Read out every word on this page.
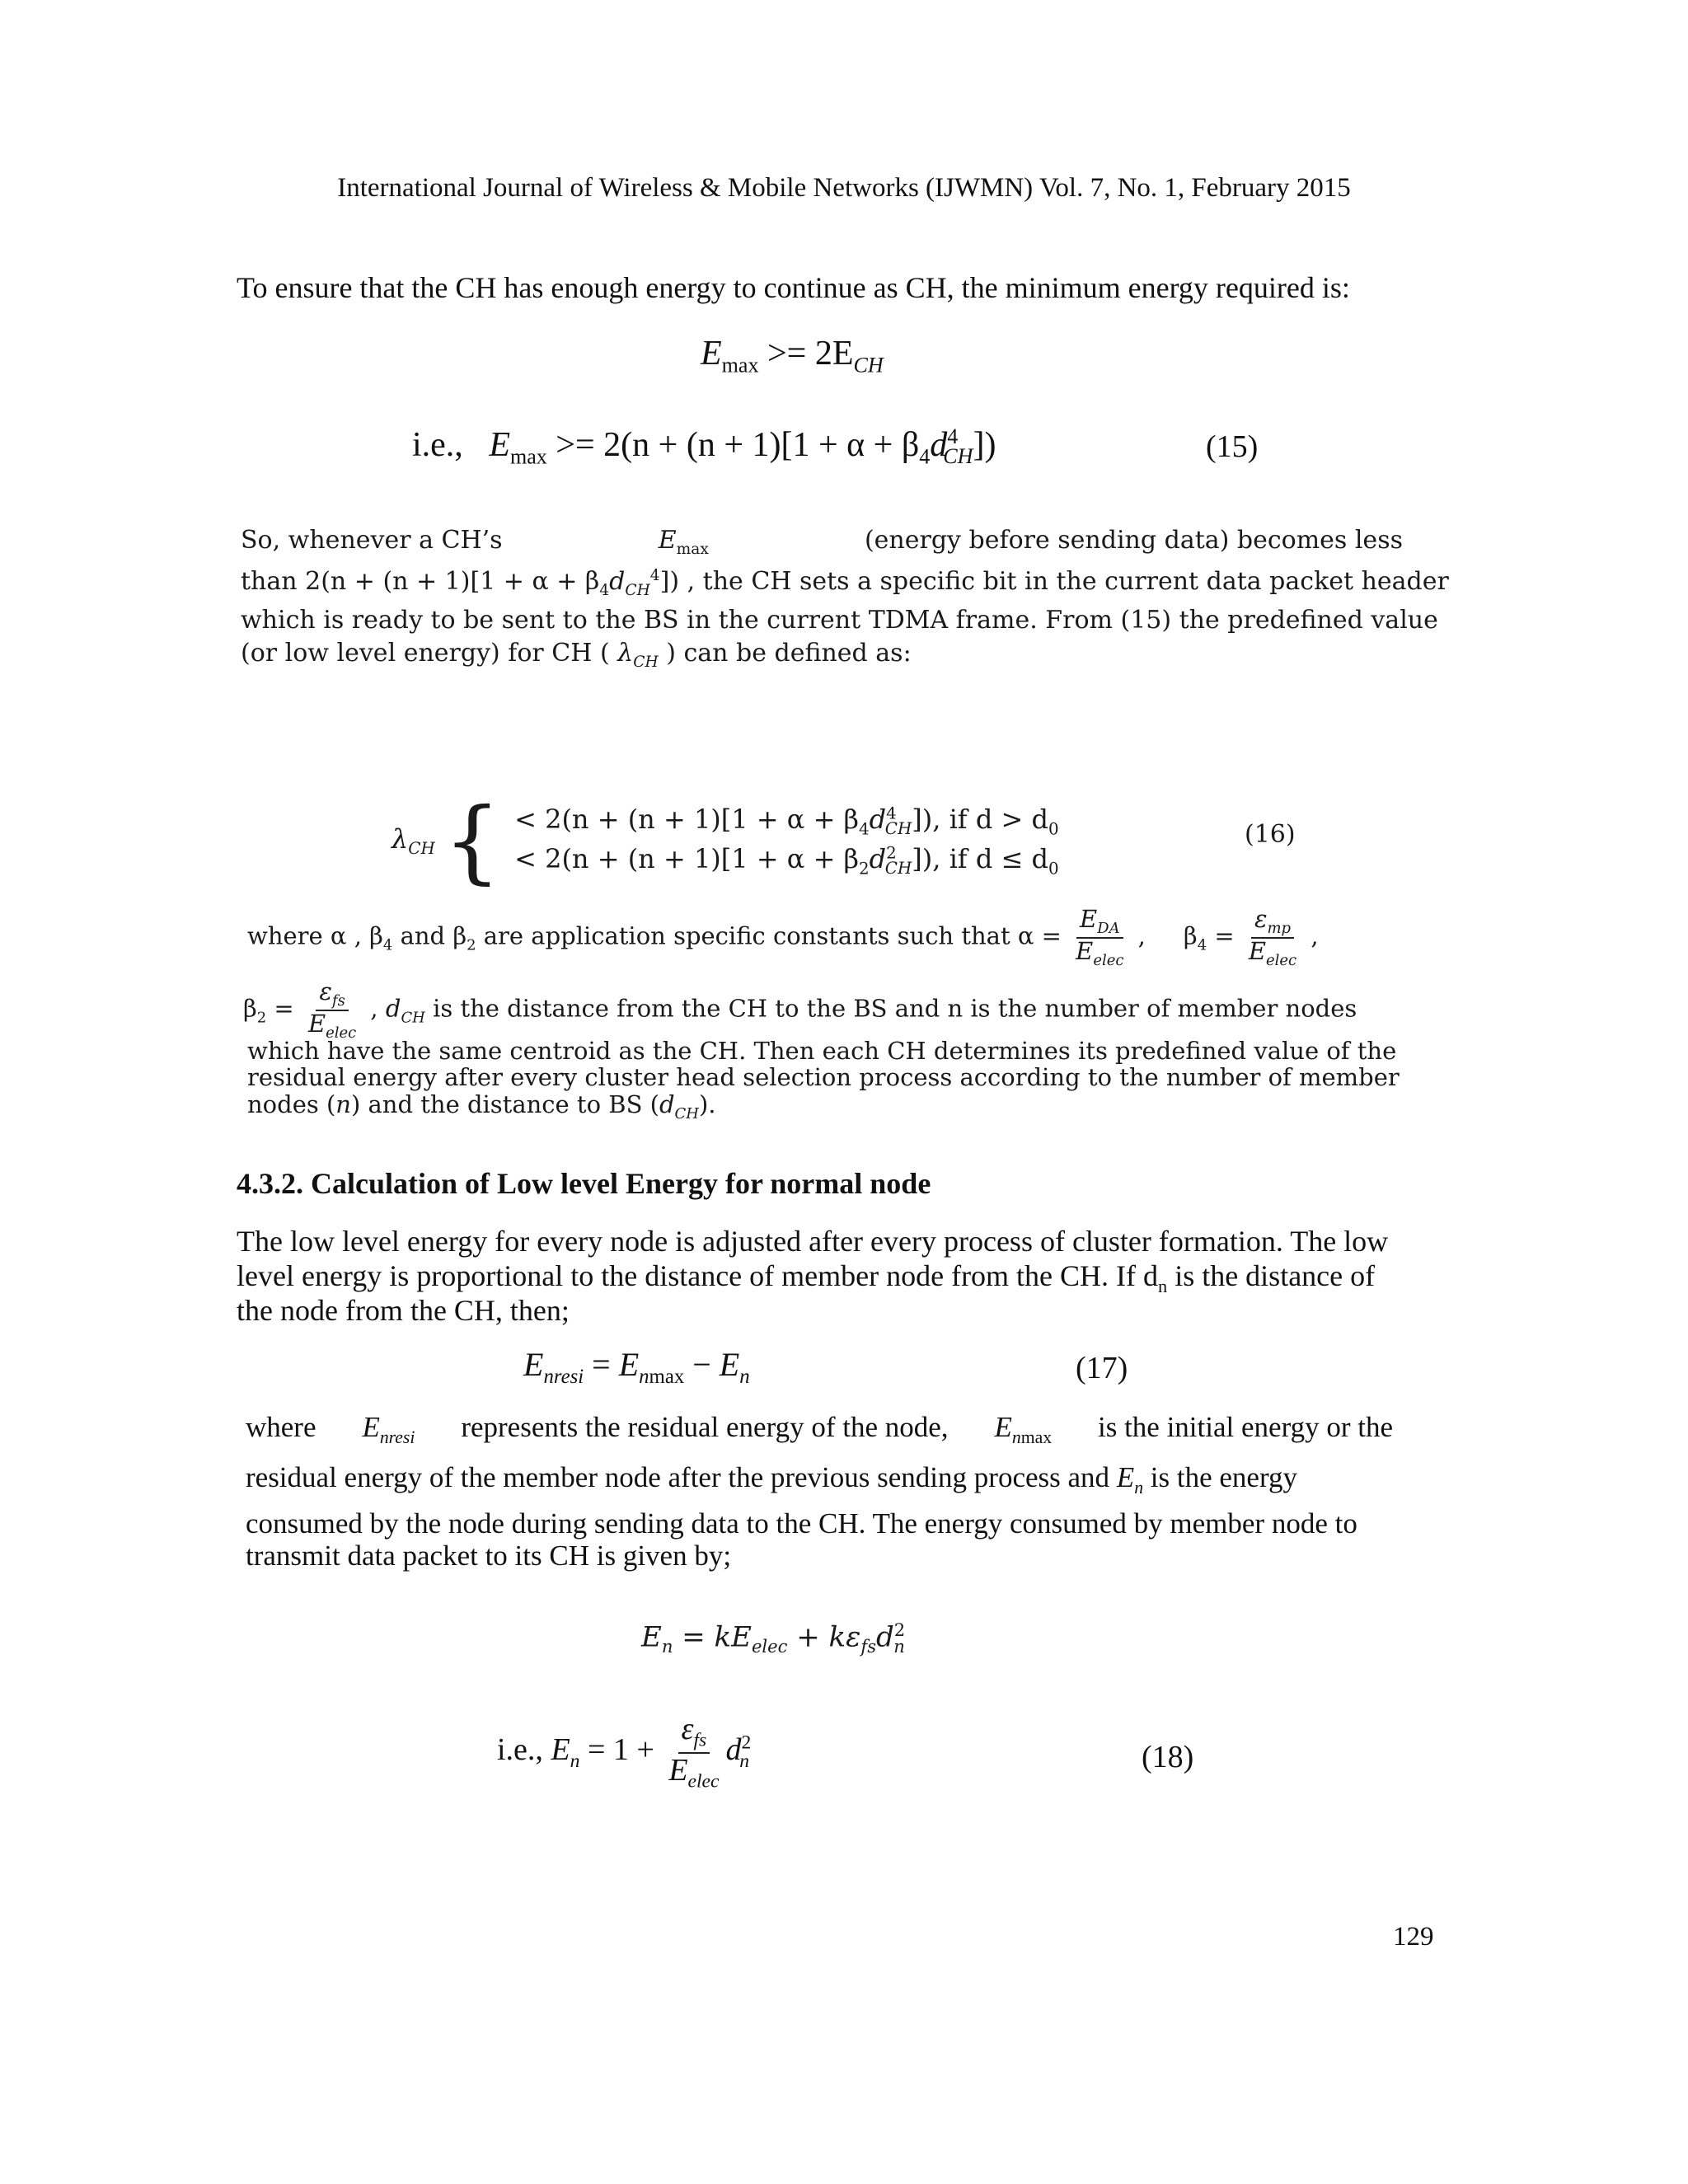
International Journal of Wireless & Mobile Networks (IJWMN) Vol. 7, No. 1, February 2015
To ensure that the CH has enough energy to continue as CH, the minimum energy required is:
$E_{max} >= 2E_{CH}$
i.e., $E_{max} >= 2(n + (n + 1)[1 + \alpha + \beta_4d^4_{CH}])$	(15)
So, whenever a CH’s	$E_{max}$	(energy before sending data) becomes less
than $2(n + (n + 1)[1 + \alpha + \beta_4d_{CH}^4])$ , the CH sets a specific bit in the current data packet header
which is ready to be sent to the BS in the current TDMA frame. From (15) the predefined value
(or low level energy) for CH ( $\lambda_{CH}$ ) can be defined as:
$\lambda_{CH}$ { < $2(n + (n + 1)[1 + \alpha + \beta_4d^4_{CH}])$, if $d > d_0$
< $2(n + (n + 1)[1 + \alpha + \beta_2d^2_{CH}])$, if $d \le d_0$
(16)
where α , $\beta_4$ and $\beta_2$ are application specific constants such that $\alpha = \frac{E_{DA}}{E_{elec}}$ ,     $\beta_4 = \frac{\varepsilon_{mp}}{E_{elec}}$ ,
$\beta_2 = \frac{\varepsilon_{fs}}{E_{elec}}$ , $d_{CH}$ is the distance from the CH to the BS and n is the number of member nodes
which have the same centroid as the CH. Then each CH determines its predefined value of the
residual energy after every cluster head selection process according to the number of member
nodes (n) and the distance to BS $(d_{CH})$.
4.3.2. Calculation of Low level Energy for normal node
The low level energy for every node is adjusted after every process of cluster formation. The low
level energy is proportional to the distance of member node from the CH. If $d_n$ is the distance of
the node from the CH, then;
$E_{nresi} = E_{nmax} - E_n$	(17)
where $E_{nresi}$ represents the residual energy of the node, $E_{nmax}$ is the initial energy or the
residual energy of the member node after the previous sending process and $E_n$ is the energy
consumed by the node during sending data to the CH. The energy consumed by member node to
transmit data packet to its CH is given by;
$E_n = kE_{elec} + k\varepsilon_{fs}d^2_n$
i.e., $E_n = 1 + \frac{\varepsilon_{fs}}{E_{elec}} d^2_n$	(18)
129
